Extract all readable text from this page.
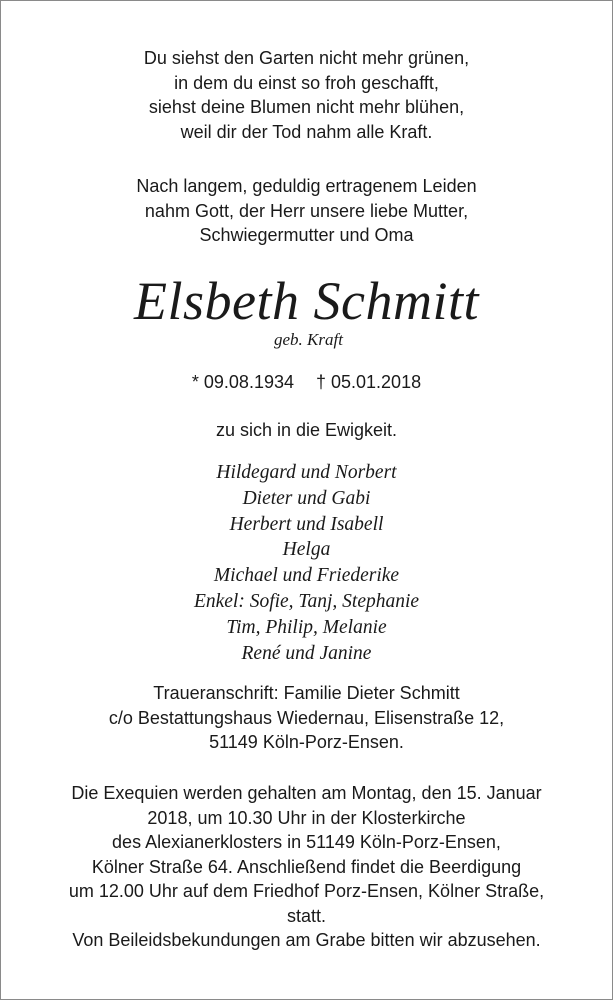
Du siehst den Garten nicht mehr grünen,
in dem du einst so froh geschafft,
siehst deine Blumen nicht mehr blühen,
weil dir der Tod nahm alle Kraft.
Nach langem, geduldig ertragenem Leiden
nahm Gott, der Herr unsere liebe Mutter,
Schwiegermutter und Oma
Elsbeth Schmitt
geb. Kraft
* 09.08.1934 † 05.01.2018
zu sich in die Ewigkeit.
Hildegard und Norbert
Dieter und Gabi
Herbert und Isabell
Helga
Michael und Friederike
Enkel: Sofie, Tanj, Stephanie
Tim, Philip, Melanie
René und Janine
Traueranschrift: Familie Dieter Schmitt
c/o Bestattungshaus Wiedernau, Elisenstraße 12,
51149 Köln-Porz-Ensen.
Die Exequien werden gehalten am Montag, den 15. Januar
2018, um 10.30 Uhr in der Klosterkirche
des Alexianerklosters in 51149 Köln-Porz-Ensen,
Kölner Straße 64. Anschließend findet die Beerdigung
um 12.00 Uhr auf dem Friedhof Porz-Ensen, Kölner Straße,
statt.
Von Beileidsbekundungen am Grabe bitten wir abzusehen.
